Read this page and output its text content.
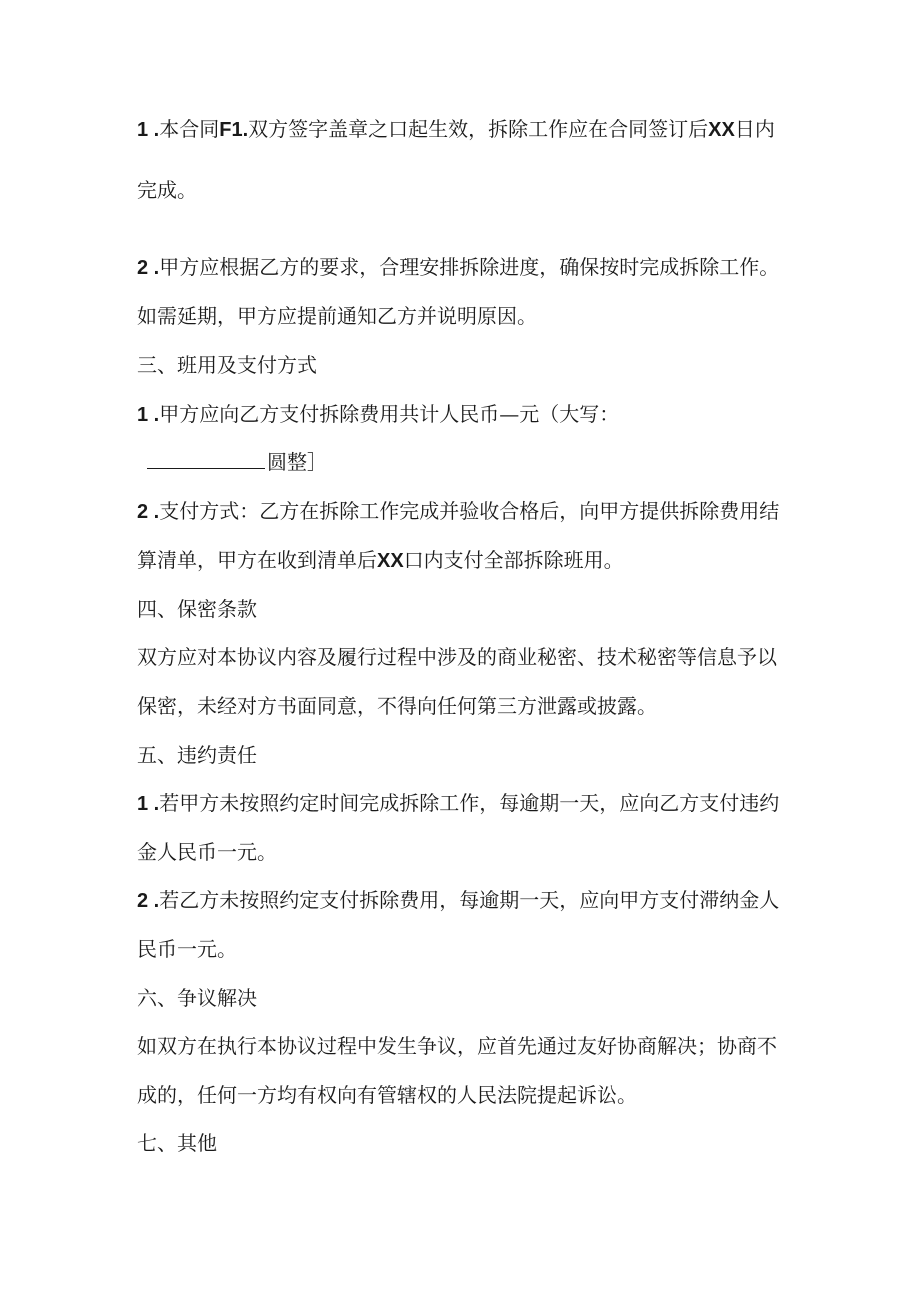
1 .本合同F1.双方签字盖章之口起生效，拆除工作应在合同签订后XX日内
完成。
2 .甲方应根据乙方的要求，合理安排拆除进度，确保按时完成拆除工作。
如需延期，甲方应提前通知乙方并说明原因。
三、班用及支付方式
1 .甲方应向乙方支付拆除费用共计人民币—元（大写：
圆整］
2 .支付方式：乙方在拆除工作完成并验收合格后，向甲方提供拆除费用结
算清单，甲方在收到清单后XX口内支付全部拆除班用。
四、保密条款
双方应对本协议内容及履行过程中涉及的商业秘密、技术秘密等信息予以
保密，未经对方书面同意，不得向任何第三方泄露或披露。
五、违约责任
1 .若甲方未按照约定时间完成拆除工作，每逾期一天，应向乙方支付违约
金人民币一元。
2 .若乙方未按照约定支付拆除费用，每逾期一天，应向甲方支付滞纳金人
民币一元。
六、争议解决
如双方在执行本协议过程中发生争议，应首先通过友好协商解决；协商不
成的，任何一方均有权向有管辖权的人民法院提起诉讼。
七、其他
